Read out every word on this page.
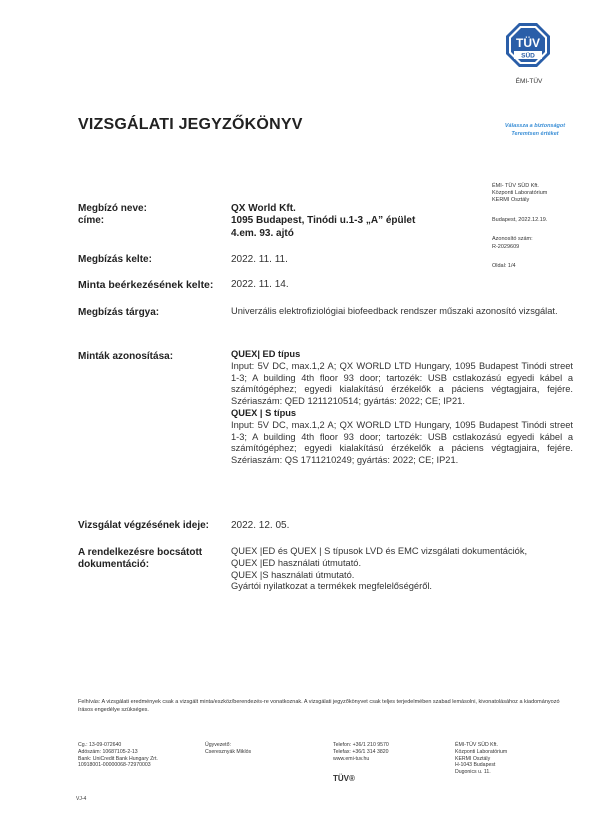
TÜV
SÜD
ÉMI-TÜV
Válassza a biztonságot
Teremtsen értéket
VIZSGÁLATI JEGYZŐKÖNYV
ÉMI- TÜV SÜD Kft.
Központi Laboratórium
KERMI Osztály
Budapest, 2022.12.19.
Azonosító szám:
R-2029609
Oldal: 1/4
Megbízó neve:	QX World Kft.
címe:	1095 Budapest, Tinódi u.1-3 „A” épület
4.em. 93. ajtó
Megbízás kelte:	2022. 11. 11.
Minta beérkezésének kelte: 2022. 11. 14.
Megbízás tárgya:	Univerzális elektrofiziológiai biofeedback rendszer műszaki azonosító vizsgálat.
Minták azonosítása:	QUEX| ED típus
Input: 5V DC, max.1,2 A; QX WORLD LTD Hungary, 1095 Budapest Tinódi street 1-3; A building 4th floor 93 door; tartozék: USB cstlakozású egyedi kábel a számítógéphez; egyedi kialakítású érzékelők a páciens végtagjaira, fejére. Szériaszám: QED 1211210514; gyártás: 2022; CE; IP21.
QUEX | S típus
Input: 5V DC, max.1,2 A; QX WORLD LTD Hungary, 1095 Budapest Tinódi street 1-3; A building 4th floor 93 door; tartozék: USB cstlakozású egyedi kábel a számítógéphez; egyedi kialakítású érzékelők a páciens végtagjaira, fejére. Szériaszám: QS 1711210249; gyártás: 2022; CE; IP21.
Vizsgálat végzésének ideje: 2022. 12. 05.
A rendelkezésre bocsátott
dokumentáció:
QUEX |ED és QUEX | S típusok LVD és EMC vizsgálati dokumentációk,
QUEX |ED használati útmutató.
QUEX |S használati útmutató.
Gyártói nyilatkozat a termékek megfelelőségéről.
Felhívás: A vizsgálati eredmények csak a vizsgált minta/eszköz/berendezés-re vonatkoznak. A vizsgálati jegyzőkönyvet csak teljes terjedelmében szabad lemásolni, kivonatolásához a kiadományozó írásos engedélye szükséges.
Cg.: 13-09-072640
Adószám: 10687105-2-13
Bank: UniCredit Bank Hungary Zrt.
10918001-00000068-72970003
Ügyvezető:
Cseresznyák Miklós
Telefon: +36/1 210 9570
Telefax: +36/1 314 3820
www.emi-tuv.hu
TÜV®
ÉMI-TÜV SÜD Kft.
Központi Laboratórium
KERMI Osztály
H-1043 Budapest
Dugonics u. 11.
VJ-4
